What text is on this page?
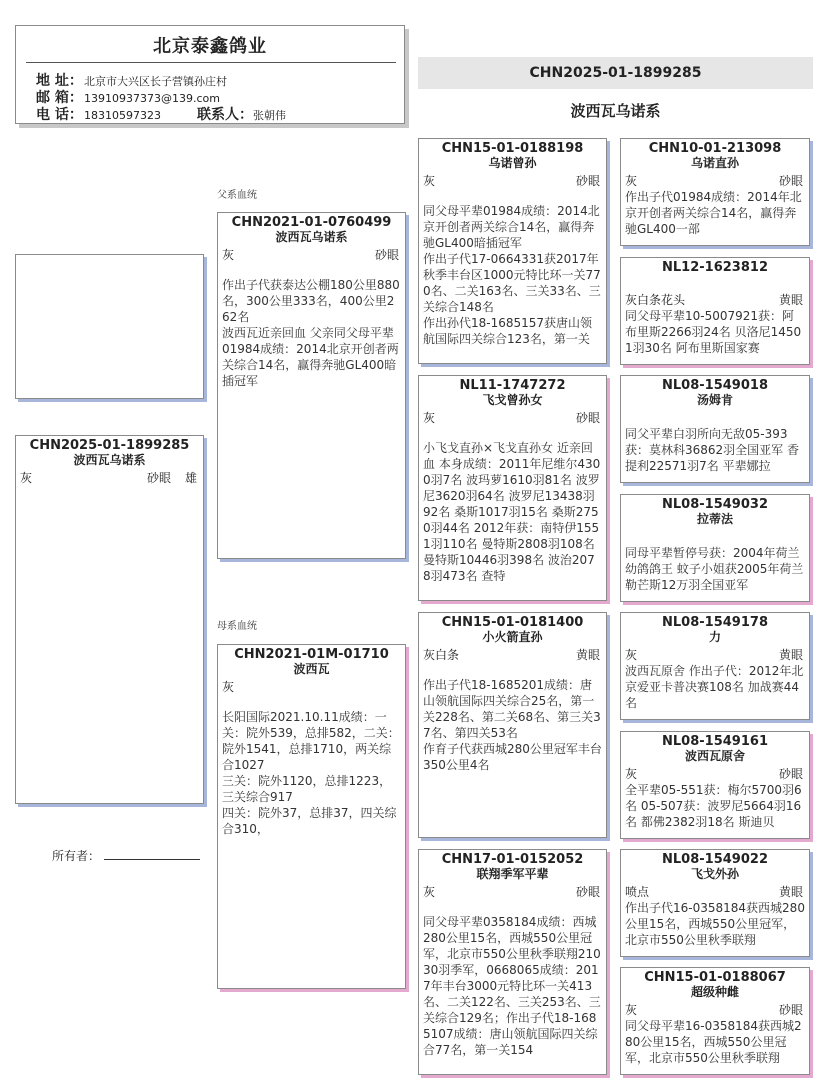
北京泰鑫鸽业
地 址：北京市大兴区长子营镇孙庄村
邮 箱：13910937373@139.com
电 话：18310597323	联系人：张朝伟
CHN2025-01-1899285
波西瓦乌诺系
CHN2025-01-1899285
波西瓦乌诺系
灰	砂眼 雄
所有者：
父系血统
母系血统
CHN2021-01-0760499
波西瓦乌诺系
灰	砂眼
作出子代获泰达公棚180公里880名，300公里333名，400公里262名
波西瓦近亲回血 父亲同父母平辈01984成绩：2014北京开创者两关综合14名，赢得奔驰GL400暗插冠军
CHN2021-01M-01710
波西瓦
灰
长阳国际2021.10.11成绩：一关：院外539，总排582，二关：院外1541，总排1710，两关综合1027
三关：院外1120，总排1223，三关综合917
四关：院外37，总排37，四关综合310，
CHN15-01-0188198
乌诺曾孙
灰	砂眼
同父母平辈01984成绩：2014北京开创者两关综合14名，赢得奔驰GL400暗插冠军
作出子代17-0664331获2017年秋季丰台区1000元特比环一关770名、二关163名、三关33名、三关综合148名
作出孙代18-1685157获唐山领航国际四关综合123名，第一关
NL11-1747272
飞戈曾孙女
灰	砂眼
小飞戈直孙×飞戈直孙女 近亲回血 本身成绩：2011年尼维尔4300羽7名 波玛萝1610羽81名 波罗尼3620羽64名 波罗尼13438羽92名 桑斯1017羽15名 桑斯2750羽44名 2012年获：南特伊1551羽110名 曼特斯2808羽108名 曼特斯10446羽398名 波治2078羽473名 查特
CHN15-01-0181400
小火箭直孙
灰白条	黄眼
作出子代18-1685201成绩：唐山领航国际四关综合25名，第一关228名、第二关68名、第三关37名、第四关53名
作育子代获西城280公里冠军丰台350公里4名
CHN17-01-0152052
联翔季军平辈
灰	砂眼
同父母平辈0358184成绩：西城280公里15名，西城550公里冠军，北京市550公里秋季联翔21030羽季军，0668065成绩：2017年丰台3000元特比环一关413名、二关122名、三关253名、三关综合129名；作出子代18-1685107成绩：唐山领航国际四关综合77名，第一关154
CHN10-01-213098
乌诺直孙
灰	砂眼
作出子代01984成绩：2014年北京开创者两关综合14名，赢得奔驰GL400一部
NL12-1623812
灰白条花头	黄眼
同父母平辈10-5007921获：阿布里斯2266羽24名 贝洛尼14501羽30名 阿布里斯国家赛
NL08-1549018
汤姆肯
同父平辈白羽所向无敌05-393获：莫林科36862羽全国亚军 香提利22571羽7名 平辈娜拉
NL08-1549032
拉蒂法
同母平辈暂停号获：2004年荷兰幼鸽鸽王 蚊子小姐获2005年荷兰勒芒斯12万羽全国亚军
NL08-1549178
力
灰	黄眼
波西瓦原舍 作出子代：2012年北京爱亚卡普决赛108名 加战赛44名
NL08-1549161
波西瓦原舍
灰	砂眼
全平辈05-551获：梅尔5700羽6名 05-507获：波罗尼5664羽16名 都佛2382羽18名 斯迪贝
NL08-1549022
飞戈外孙
喷点	黄眼
作出子代16-0358184获西城280公里15名，西城550公里冠军，北京市550公里秋季联翔
CHN15-01-0188067
超级种雌
灰	砂眼
同父母平辈16-0358184获西城280公里15名，西城550公里冠军，北京市550公里秋季联翔
